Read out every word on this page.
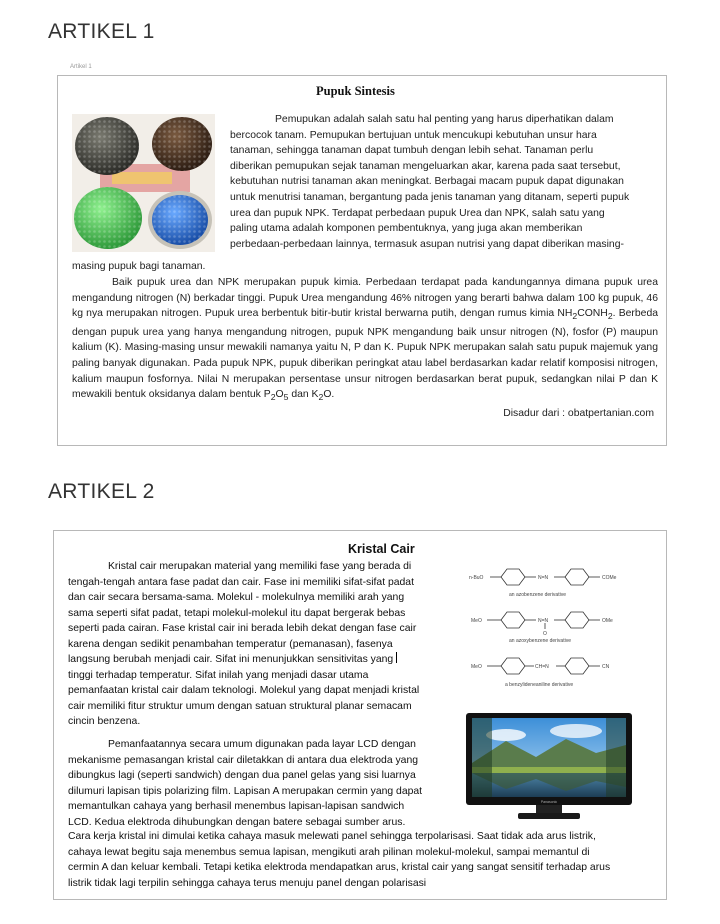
ARTIKEL 1
Artikel 1
Pupuk Sintesis

Pemupukan adalah salah satu hal penting yang harus diperhatikan dalam

bercocok tanam. Pemupukan bertujuan untuk mencukupi kebutuhan unsur hara

tanaman, sehingga tanaman dapat tumbuh dengan lebih sehat. Tanaman perlu

diberikan pemupukan sejak tanaman mengeluarkan akar, karena pada saat tersebut,

kebutuhan nutrisi tanaman akan meningkat. Berbagai macam pupuk dapat digunakan

untuk menutrisi tanaman, bergantung pada jenis tanaman yang ditanam, seperti pupuk

urea dan pupuk NPK. Terdapat perbedaan pupuk Urea dan NPK, salah satu yang

paling utama adalah komponen pembentuknya, yang juga akan memberikan

perbedaan-perbedaan lainnya, termasuk asupan nutrisi yang dapat diberikan masing-

masing pupuk bagi tanaman.

Baik pupuk urea dan NPK merupakan pupuk kimia. Perbedaan terdapat pada kandungannya dimana pupuk urea mengandung nitrogen (N) berkadar tinggi. Pupuk Urea mengandung 46% nitrogen yang berarti bahwa dalam 100 kg pupuk, 46 kg nya merupakan nitrogen. Pupuk urea berbentuk bitir-butir kristal berwarna putih, dengan rumus kimia $NH_2CONH_2$. Berbeda dengan pupuk urea yang hanya mengandung nitrogen, pupuk NPK mengandung baik unsur nitrogen (N), fosfor (P) maupun kalium (K). Masing-masing unsur mewakili namanya yaitu N, P dan K. Pupuk NPK merupakan salah satu pupuk majemuk yang paling banyak digunakan. Pada pupuk NPK, pupuk diberikan peringkat atau label berdasarkan kadar relatif komposisi nitrogen, kalium maupun fosfornya. Nilai N merupakan persentase unsur nitrogen berdasarkan berat pupuk, sedangkan nilai P dan K mewakili bentuk oksidanya dalam bentuk $P_2O_5$ dan $K_2O$.

Disadur dari : obatpertanian.com
ARTIKEL 2
Kristal Cair

Kristal cair merupakan material yang memiliki fase yang berada di

tengah-tengah antara fase padat dan cair. Fase ini memiliki sifat-sifat padat

dan cair secara bersama-sama. Molekul - molekulnya memiliki arah yang

sama seperti sifat padat, tetapi molekul-molekul itu dapat bergerak bebas

seperti pada cairan. Fase kristal cair ini berada lebih dekat dengan fase cair

karena dengan sedikit penambahan temperatur (pemanasan), fasenya

langsung berubah menjadi cair. Sifat ini menunjukkan sensitivitas yang

tinggi terhadap temperatur. Sifat inilah yang menjadi dasar utama

pemanfaatan kristal cair dalam teknologi. Molekul yang dapat menjadi kristal

cair memiliki fitur struktur umum dengan satuan struktural planar semacam

cincin benzena.

Pemanfaatannya secara umum digunakan pada layar LCD dengan

mekanisme pemasangan kristal cair diletakkan di antara dua elektroda yang

dibungkus lagi (seperti sandwich) dengan dua panel gelas yang sisi luarnya

dilumuri lapisan tipis polarizing film. Lapisan A merupakan cermin yang dapat

memantulkan cahaya yang berhasil menembus lapisan-lapisan sandwich

LCD. Kedua elektroda dihubungkan dengan batere sebagai sumber arus.

Cara kerja kristal ini dimulai ketika cahaya masuk melewati panel sehingga terpolarisasi. Saat tidak ada arus listrik,

cahaya lewat begitu saja menembus semua lapisan, mengikuti arah pilinan molekul-molekul, sampai memantul di

cermin A dan keluar kembali. Tetapi ketika elektroda mendapatkan arus, kristal cair yang sangat sensitif terhadap arus

listrik tidak lagi terpilin sehingga cahaya terus menuju panel dengan polarisasi

n-BuO	N=N	COMe
an azobenzene derivative
MeO	N=N
O
OMe
an azoxybenzene derivative
MeO	CH=N	CN
a benzylideneaniline derivative
Panasonic
